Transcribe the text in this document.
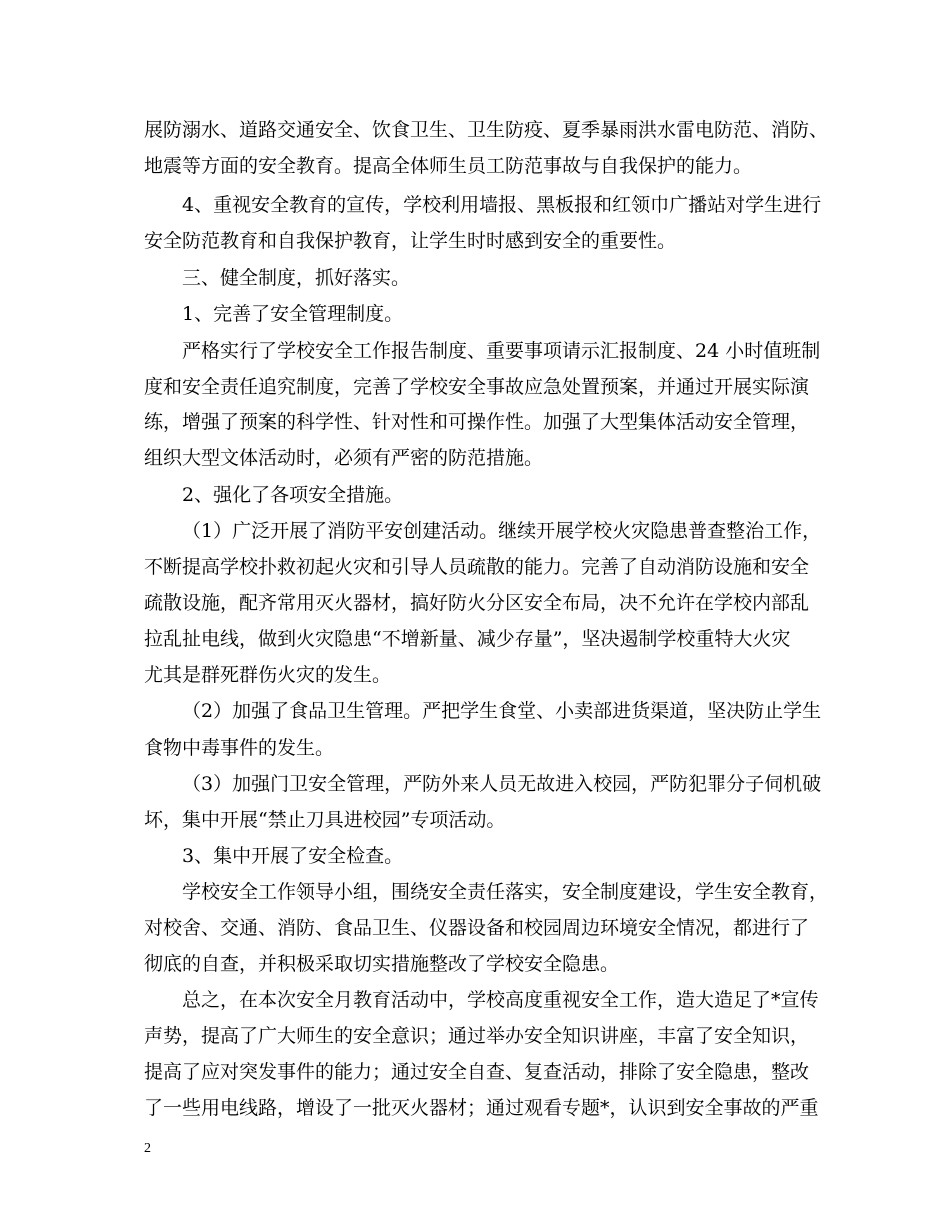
展防溺水、道路交通安全、饮食卫生、卫生防疫、夏季暴雨洪水雷电防范、消防、
地震等方面的安全教育。提高全体师生员工防范事故与自我保护的能力。
4、重视安全教育的宣传，学校利用墙报、黑板报和红领巾广播站对学生进行
安全防范教育和自我保护教育，让学生时时感到安全的重要性。
三、健全制度，抓好落实。
1、完善了安全管理制度。
严格实行了学校安全工作报告制度、重要事项请示汇报制度、24 小时值班制
度和安全责任追究制度，完善了学校安全事故应急处置预案，并通过开展实际演
练，增强了预案的科学性、针对性和可操作性。加强了大型集体活动安全管理，
组织大型文体活动时，必须有严密的防范措施。
2、强化了各项安全措施。
（1）广泛开展了消防平安创建活动。继续开展学校火灾隐患普查整治工作，
不断提高学校扑救初起火灾和引导人员疏散的能力。完善了自动消防设施和安全
疏散设施，配齐常用灭火器材，搞好防火分区安全布局，决不允许在学校内部乱
拉乱扯电线，做到火灾隐患“不增新量、减少存量”，坚决遏制学校重特大火灾
尤其是群死群伤火灾的发生。
（2）加强了食品卫生管理。严把学生食堂、小卖部进货渠道，坚决防止学生
食物中毒事件的发生。
（3）加强门卫安全管理，严防外来人员无故进入校园，严防犯罪分子伺机破
坏，集中开展“禁止刀具进校园”专项活动。
3、集中开展了安全检查。
学校安全工作领导小组，围绕安全责任落实，安全制度建设，学生安全教育，
对校舍、交通、消防、食品卫生、仪器设备和校园周边环境安全情况，都进行了
彻底的自查，并积极采取切实措施整改了学校安全隐患。
总之，在本次安全月教育活动中，学校高度重视安全工作，造大造足了*宣传
声势，提高了广大师生的安全意识；通过举办安全知识讲座，丰富了安全知识，
提高了应对突发事件的能力；通过安全自查、复查活动，排除了安全隐患，整改
了一些用电线路，增设了一批灭火器材；通过观看专题*，认识到安全事故的严重
2
